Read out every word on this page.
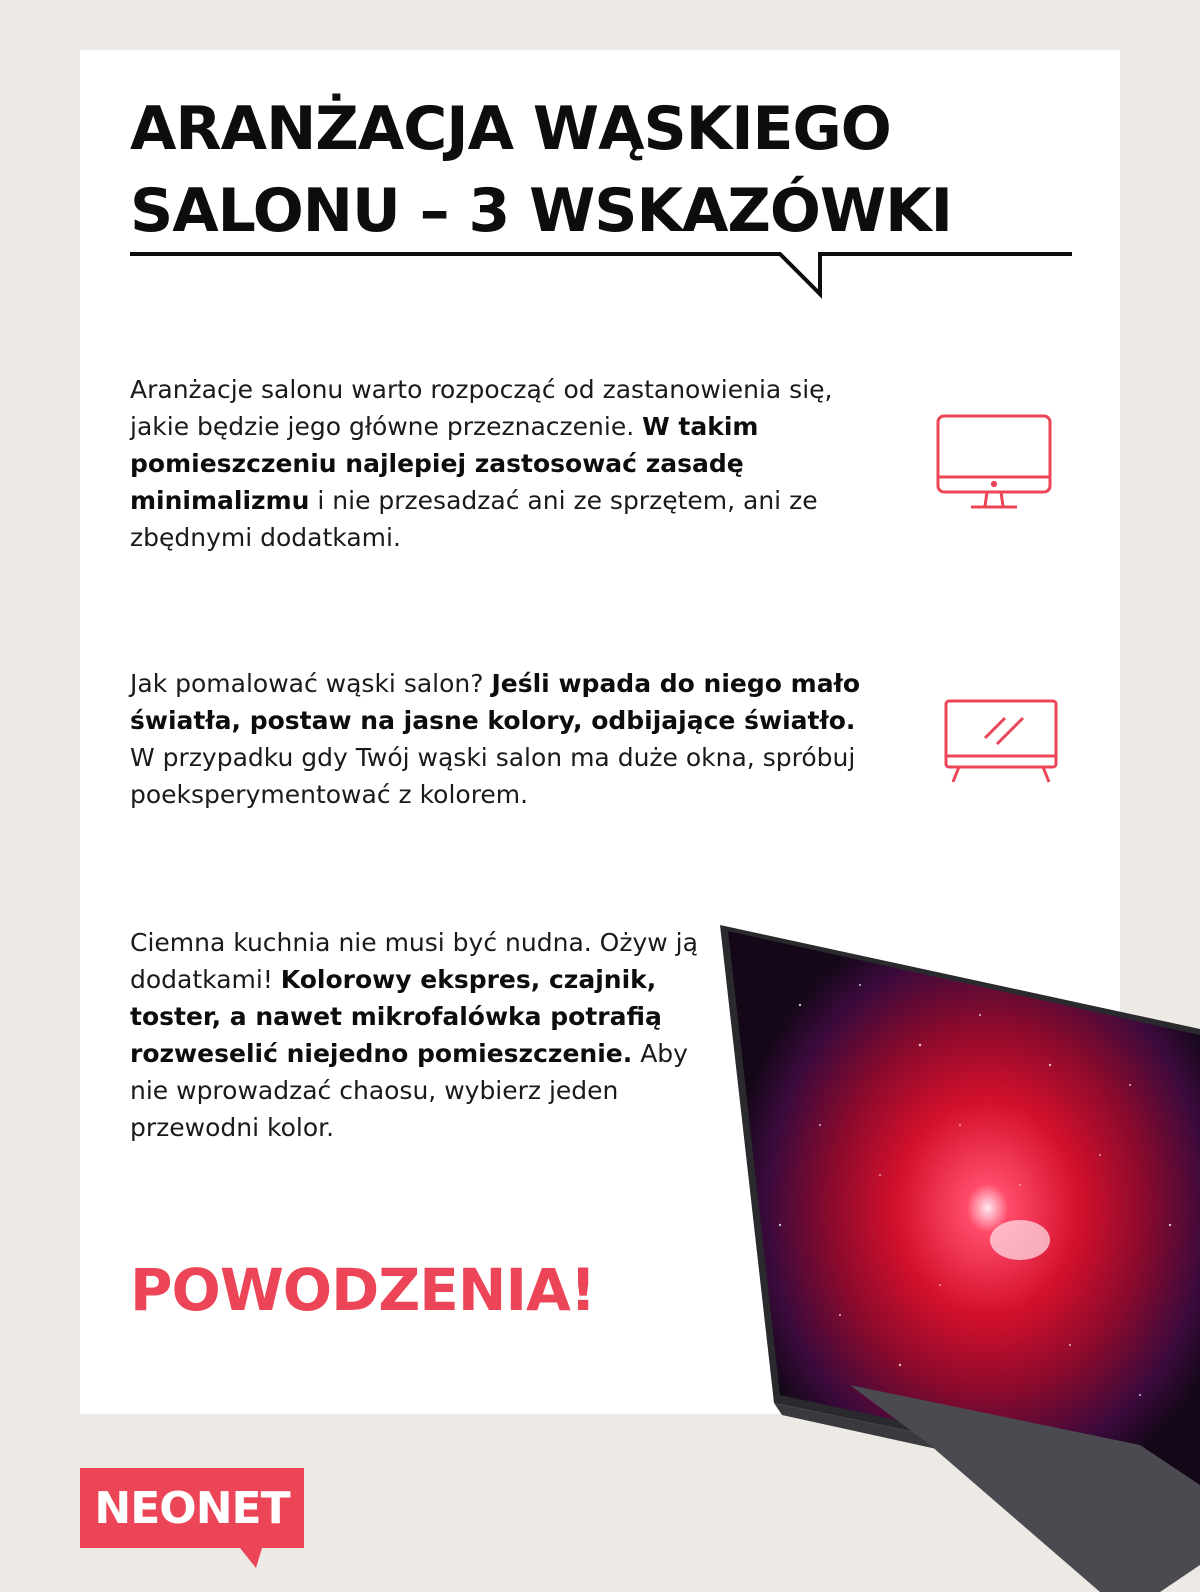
ARANŻACJA WĄSKIEGO
SALONU – 3 WSKAZÓWKI

Aranżacje salonu warto rozpocząć od zastanowienia się, jakie będzie jego główne przeznaczenie. W takim pomieszczeniu najlepiej zastosować zasadę minimalizmu i nie przesadzać ani ze sprzętem, ani ze zbędnymi dodatkami.

Jak pomalować wąski salon? Jeśli wpada do niego mało światła, postaw na jasne kolory, odbijające światło. W przypadku gdy Twój wąski salon ma duże okna, spróbuj poeksperymentować z kolorem.

Ciemna kuchnia nie musi być nudna. Ożyw ją dodatkami! Kolorowy ekspres, czajnik, toster, a nawet mikrofalówka potrafią rozweselić niejedno pomieszczenie. Aby nie wprowadzać chaosu, wybierz jeden przewodni kolor.

POWODZENIA!

NEONET
